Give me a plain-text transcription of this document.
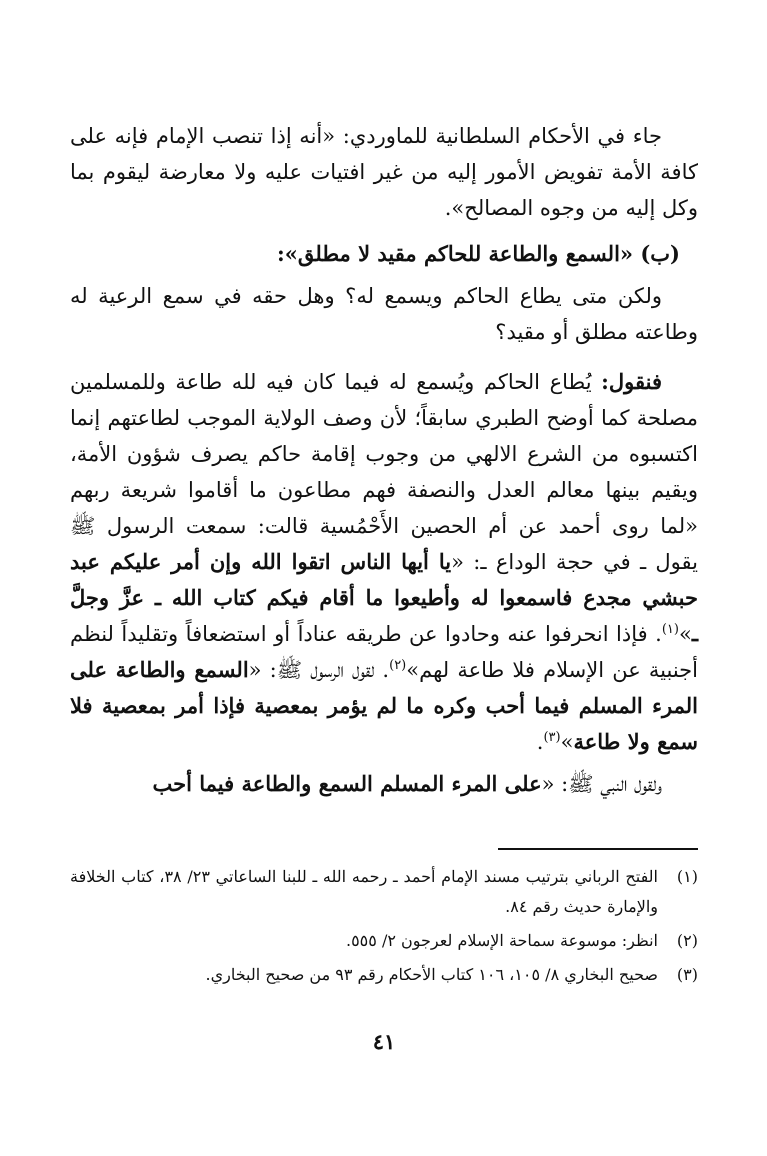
جاء في الأحكام السلطانية للماوردي: «أنه إذا تنصب الإمام فإنه على كافة الأمة تفويض الأمور إليه من غير افتيات عليه ولا معارضة ليقوم بما وكل إليه من وجوه المصالح».

(ب) «السمع والطاعة للحاكم مقيد لا مطلق»:

ولكن متى يطاع الحاكم ويسمع له؟ وهل حقه في سمع الرعية له وطاعته مطلق أو مقيد؟

فنقول: يُطاع الحاكم ويُسمع له فيما كان فيه لله طاعة وللمسلمين مصلحة كما أوضح الطبري سابقاً؛ لأن وصف الولاية الموجب لطاعتهم إنما اكتسبوه من الشرع الالهي من وجوب إقامة حاكم يصرف شؤون الأمة، ويقيم بينها معالم العدل والنصفة فهم مطاعون ما أقاموا شريعة ربهم «لما روى أحمد عن أم الحصين الأَحْمُسية قالت: سمعت الرسول ﷺ يقول ـ في حجة الوداع ـ: «يا أيها الناس اتقوا الله وإن أمر عليكم عبد حبشي مجدع فاسمعوا له وأطيعوا ما أقام فيكم كتاب الله ـ عزَّ وجلَّ ـ»$^{(١)}$. فإذا انحرفوا عنه وحادوا عن طريقه عناداً أو استضعافاً وتقليداً لنظم أجنبية عن الإسلام فلا طاعة لهم»$^{(٢)}$. لقول الرسول ﷺ: «السمع والطاعة على المرء المسلم فيما أحب وكره ما لم يؤمر بمعصية فإذا أمر بمعصية فلا سمع ولا طاعة»$^{(٣)}$.

ولقول النبي ﷺ: «على المرء المسلم السمع والطاعة فيما أحب

(١)
الفتح الرباني بترتيب مسند الإمام أحمد ـ رحمه الله ـ للبنا الساعاتي ٢٣/ ٣٨، كتاب الخلافة والإمارة حديث رقم ٨٤.

(٢)
انظر: موسوعة سماحة الإسلام لعرجون ٢/ ٥٥٥.

(٣)
صحيح البخاري ٨/ ١٠٥، ١٠٦ كتاب الأحكام رقم ٩٣ من صحيح البخاري.

٤١
